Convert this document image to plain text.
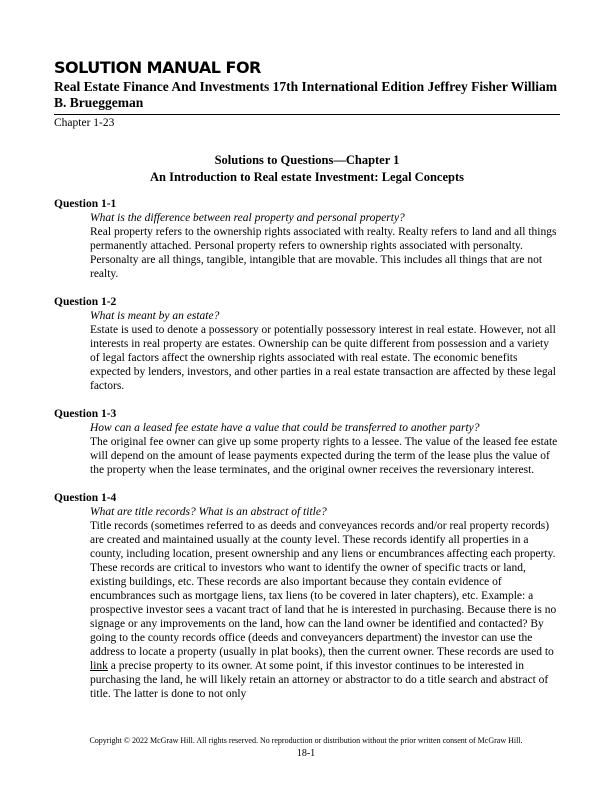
SOLUTION MANUAL FOR
Real Estate Finance And Investments 17th International Edition Jeffrey Fisher William B. Brueggeman
Chapter 1-23
Solutions to Questions—Chapter 1
An Introduction to Real estate Investment: Legal Concepts
Question 1-1
What is the difference between real property and personal property?
Real property refers to the ownership rights associated with realty. Realty refers to land and all things permanently attached. Personal property refers to ownership rights associated with personalty. Personalty are all things, tangible, intangible that are movable. This includes all things that are not realty.
Question 1-2
What is meant by an estate?
Estate is used to denote a possessory or potentially possessory interest in real estate. However, not all interests in real property are estates. Ownership can be quite different from possession and a variety of legal factors affect the ownership rights associated with real estate. The economic benefits expected by lenders, investors, and other parties in a real estate transaction are affected by these legal factors.
Question 1-3
How can a leased fee estate have a value that could be transferred to another party?
The original fee owner can give up some property rights to a lessee. The value of the leased fee estate will depend on the amount of lease payments expected during the term of the lease plus the value of the property when the lease terminates, and the original owner receives the reversionary interest.
Question 1-4
What are title records? What is an abstract of title?
Title records (sometimes referred to as deeds and conveyances records and/or real property records) are created and maintained usually at the county level. These records identify all properties in a county, including location, present ownership and any liens or encumbrances affecting each property. These records are critical to investors who want to identify the owner of specific tracts or land, existing buildings, etc. These records are also important because they contain evidence of encumbrances such as mortgage liens, tax liens (to be covered in later chapters), etc. Example: a prospective investor sees a vacant tract of land that he is interested in purchasing. Because there is no signage or any improvements on the land, how can the land owner be identified and contacted? By going to the county records office (deeds and conveyancers department) the investor can use the address to locate a property (usually in plat books), then the current owner. These records are used to link a precise property to its owner. At some point, if this investor continues to be interested in purchasing the land, he will likely retain an attorney or abstractor to do a title search and abstract of title. The latter is done to not only
Copyright © 2022 McGraw Hill. All rights reserved. No reproduction or distribution without the prior written consent of McGraw Hill.
18-1
